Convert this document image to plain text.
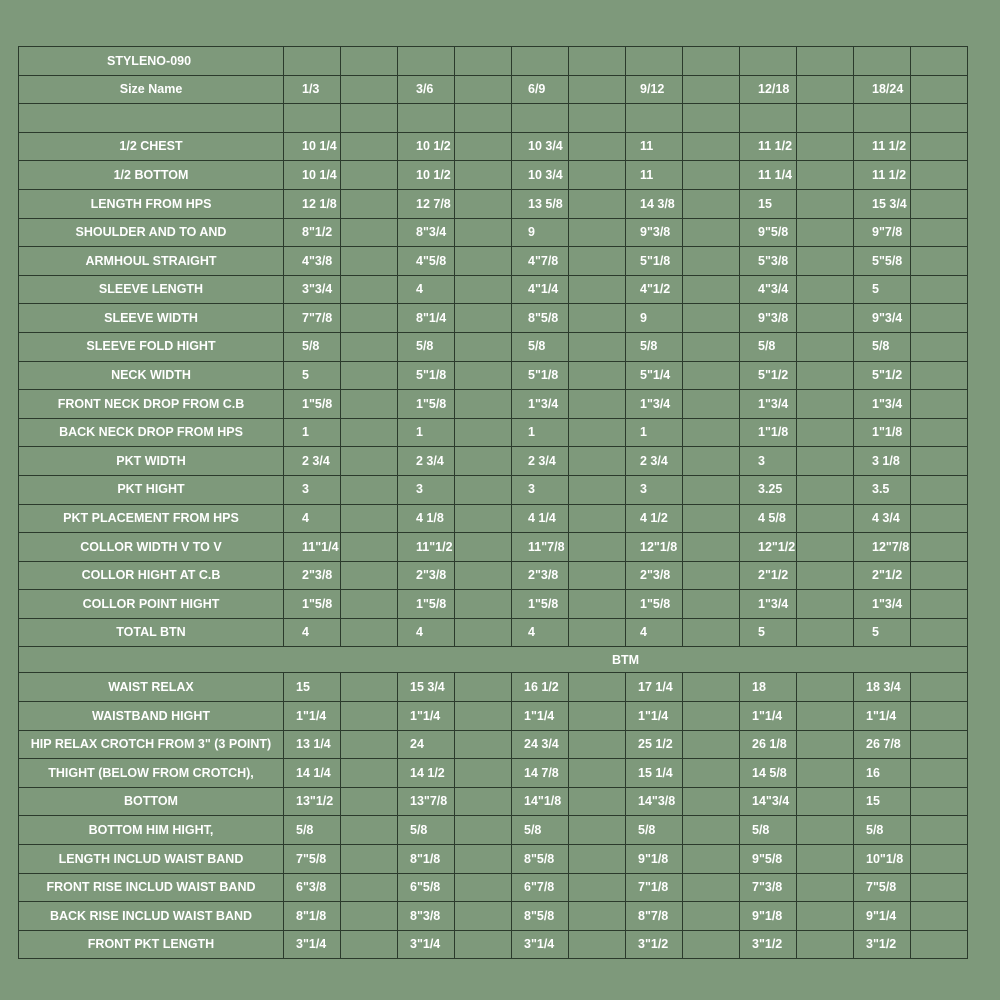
STYLENO-090												
Size Name	1/3		3/6		6/9		9/12		12/18		18/24	

1/2 CHEST	10 1/4		10 1/2		10 3/4		11		11 1/2		11 1/2	
1/2 BOTTOM	10 1/4		10 1/2		10 3/4		11		11 1/4		11 1/2	
LENGTH FROM HPS	12 1/8		12 7/8		13 5/8		14 3/8		15		15 3/4	
SHOULDER AND TO AND	8"1/2		8"3/4		9		9"3/8		9"5/8		9"7/8	
ARMHOUL STRAIGHT	4"3/8		4"5/8		4"7/8		5"1/8		5"3/8		5"5/8	
SLEEVE LENGTH	3"3/4		4		4"1/4		4"1/2		4"3/4		5	
SLEEVE WIDTH	7"7/8		8"1/4		8"5/8		9		9"3/8		9"3/4	
SLEEVE FOLD HIGHT	5/8		5/8		5/8		5/8		5/8		5/8	
NECK WIDTH	5		5"1/8		5"1/8		5"1/4		5"1/2		5"1/2	
FRONT NECK DROP FROM C.B	1"5/8		1"5/8		1"3/4		1"3/4		1"3/4		1"3/4	
BACK NECK DROP FROM HPS	1		1		1		1		1"1/8		1"1/8	
PKT WIDTH	2 3/4		2 3/4		2 3/4		2 3/4		3		3 1/8	
PKT HIGHT	3		3		3		3		3.25		3.5	
PKT PLACEMENT FROM HPS	4		4 1/8		4 1/4		4 1/2		4 5/8		4 3/4	
COLLOR WIDTH V TO V	11"1/4		11"1/2		11"7/8		12"1/8		12"1/2		12"7/8	
COLLOR HIGHT AT C.B	2"3/8		2"3/8		2"3/8		2"3/8		2"1/2		2"1/2	
COLLOR POINT HIGHT	1"5/8		1"5/8		1"5/8		1"5/8		1"3/4		1"3/4	
TOTAL BTN	4		4		4		4		5		5	
BTM												
WAIST RELAX	15		15 3/4		16 1/2		17 1/4		18		18 3/4	
WAISTBAND HIGHT	1"1/4		1"1/4		1"1/4		1"1/4		1"1/4		1"1/4	
HIP RELAX CROTCH FROM 3" (3 POINT)	13 1/4		24		24 3/4		25 1/2		26 1/8		26 7/8	
THIGHT (BELOW FROM CROTCH),	14 1/4		14 1/2		14 7/8		15 1/4		14 5/8		16	
BOTTOM	13"1/2		13"7/8		14"1/8		14"3/8		14"3/4		15	
BOTTOM HIM HIGHT,	5/8		5/8		5/8		5/8		5/8		5/8	
LENGTH INCLUD WAIST BAND	7"5/8		8"1/8		8"5/8		9"1/8		9"5/8		10"1/8	
FRONT RISE INCLUD WAIST BAND	6"3/8		6"5/8		6"7/8		7"1/8		7"3/8		7"5/8	
BACK RISE INCLUD WAIST BAND	8"1/8		8"3/8		8"5/8		8"7/8		9"1/8		9"1/4	
FRONT PKT LENGTH	3"1/4		3"1/4		3"1/4		3"1/2		3"1/2		3"1/2	
